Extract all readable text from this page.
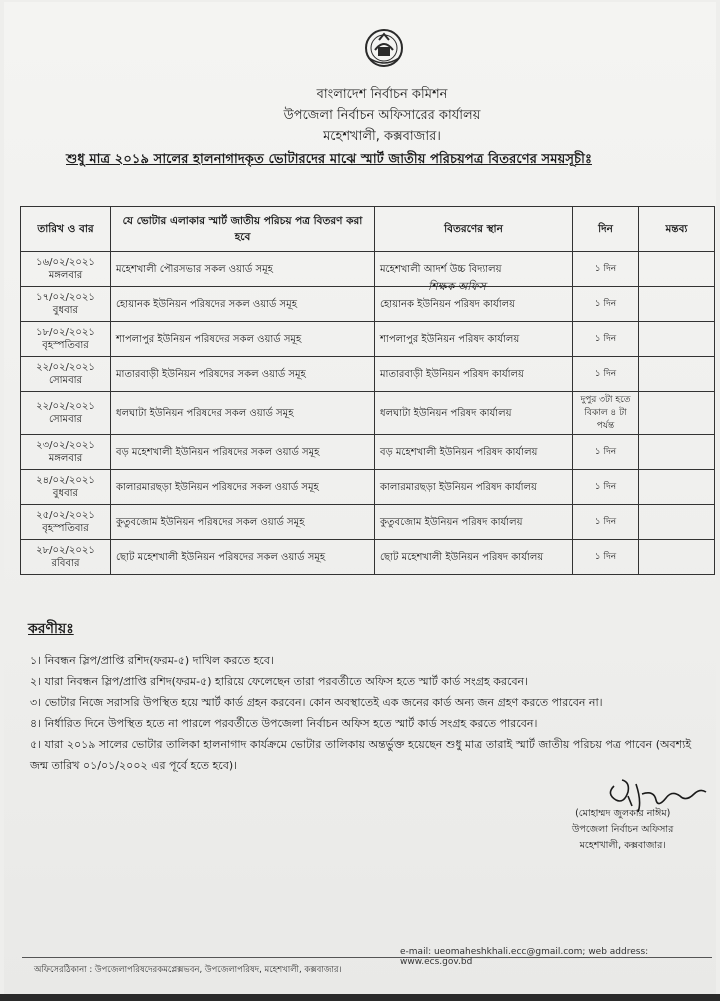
বাংলাদেশ নির্বাচন কমিশন
উপজেলা নির্বাচন অফিসারের কার্যালয়
মহেশখালী, কক্সবাজার।
শুধু মাত্র ২০১৯ সালের হালনাগাদকৃত ভোটারদের মাঝে স্মার্ট জাতীয় পরিচয়পত্র বিতরণের সময়সূচীঃ
তারিখ ও বার	যে ভোটার এলাকার স্মার্ট জাতীয় পরিচয় পত্র বিতরণ করা হবে	বিতরণের স্থান	দিন	মন্তব্য

১৬/০২/২০২১
মঙ্গলবার	মহেশখালী পৌরসভার সকল ওয়ার্ড সমূহ	মহেশখালী আদর্শ উচ্চ বিদ্যালয়	১ দিন	

১৭/০২/২০২১
বুধবার	হোয়ানক ইউনিয়ন পরিষদের সকল ওয়ার্ড সমূহ	হোয়ানক ইউনিয়ন পরিষদ কার্যালয়	১ দিন	

১৮/০২/২০২১
বৃহস্পতিবার	শাপলাপুর ইউনিয়ন পরিষদের সকল ওয়ার্ড সমূহ	শাপলাপুর ইউনিয়ন পরিষদ কার্যালয়	১ দিন	

২২/০২/২০২১
সোমবার	মাতারবাড়ী ইউনিয়ন পরিষদের সকল ওয়ার্ড সমূহ	মাতারবাড়ী ইউনিয়ন পরিষদ কার্যালয়	১ দিন	

২২/০২/২০২১
সোমবার	ধলঘাটা ইউনিয়ন পরিষদের সকল ওয়ার্ড সমূহ	ধলঘাটা ইউনিয়ন পরিষদ কার্যালয়	দুপুর ৩টা হতে বিকাল ৪ টা পর্যন্ত	

২৩/০২/২০২১
মঙ্গলবার	বড় মহেশখালী ইউনিয়ন পরিষদের সকল ওয়ার্ড সমূহ	বড় মহেশখালী ইউনিয়ন পরিষদ কার্যালয়	১ দিন	

২৪/০২/২০২১
বুধবার	কালারমারছড়া ইউনিয়ন পরিষদের সকল ওয়ার্ড সমূহ	কালারমারছড়া ইউনিয়ন পরিষদ কার্যালয়	১ দিন	

২৫/০২/২০২১
বৃহস্পতিবার	কুতুবজোম ইউনিয়ন পরিষদের সকল ওয়ার্ড সমূহ	কুতুবজোম ইউনিয়ন পরিষদ কার্যালয়	১ দিন	

২৮/০২/২০২১
রবিবার	ছোট মহেশখালী ইউনিয়ন পরিষদের সকল ওয়ার্ড সমূহ	ছোট মহেশখালী ইউনিয়ন পরিষদ কার্যালয়	১ দিন	
শিক্ষক অফিস
করণীয়ঃ

১। নিবন্ধন স্লিপ/প্রাপ্তি রশিদ(ফরম-৫) দাখিল করতে হবে।

২। যারা নিবন্ধন স্লিপ/প্রাপ্তি রশিদ(ফরম-৫) হারিয়ে ফেলেছেন তারা পরবর্তীতে অফিস হতে স্মার্ট কার্ড সংগ্রহ করবেন।

৩। ভোটার নিজে সরাসরি উপস্থিত হয়ে স্মার্ট কার্ড গ্রহন করবেন। কোন অবস্থাতেই এক জনের কার্ড অন্য জন গ্রহণ করতে পারবেন না।

৪। নির্ধারিত দিনে উপস্থিত হতে না পারলে পরবর্তীতে উপজেলা নির্বাচন অফিস হতে স্মার্ট কার্ড সংগ্রহ করতে পারবেন।

৫। যারা ২০১৯ সালের ভোটার তালিকা হালনাগাদ কার্যক্রমে ভোটার তালিকায় অন্তর্ভুক্ত হয়েছেন শুধু মাত্র তারাই স্মার্ট জাতীয় পরিচয় পত্র পাবেন (অবশ্যই জন্ম তারিখ ০১/০১/২০০২ এর পূর্বে হতে হবে)।

(মোহাম্মদ জুলকার নাঈম)
উপজেলা নির্বাচন অফিসার
মহেশখালী, কক্সবাজার।
অফিসেরঠিকানা : উপজেলাপরিষদেরকমপ্লেক্সভবন, উপজেলাপরিষদ, মহেশখালী, কক্সবাজার।
e-mail: ueomaheshkhali.ecc@gmail.com; web address: www.ecs.gov.bd
